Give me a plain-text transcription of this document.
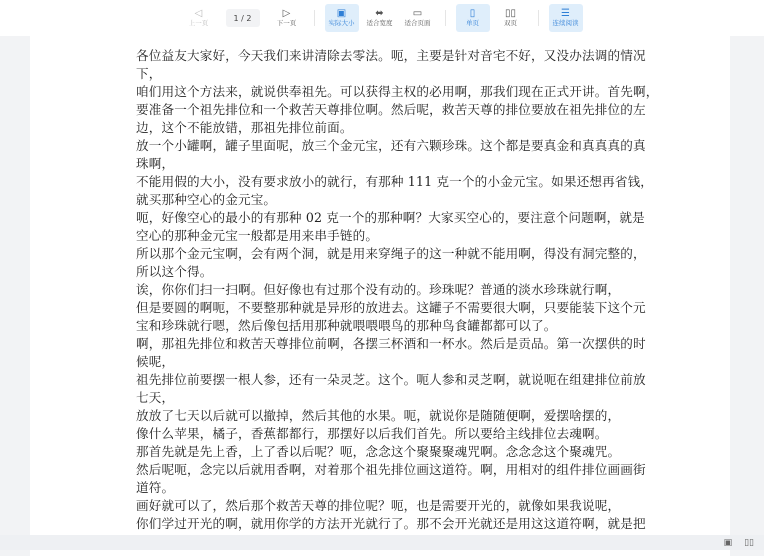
◁
上一页
1 / 2	▷
下一页
▣
实际大小
⬌
适合宽度
▭
适合页面
▯
单页
▯▯
双页
☰
连续阅读
各位益友大家好，今天我们来讲清除去零法。呃，主要是针对音宅不好，又没办法调的情况
下，
咱们用这个方法来，就说供奉祖先。可以获得主权的必用啊，那我们现在正式开讲。首先啊，
要准备一个祖先排位和一个救苦天尊排位啊。然后呢，救苦天尊的排位要放在祖先排位的左
边，这个不能放错，那祖先排位前面。
放一个小罐啊，罐子里面呢，放三个金元宝，还有六颗珍珠。这个都是要真金和真真真的真
珠啊，
不能用假的大小，没有要求放小的就行，有那种 111 克一个的小金元宝。如果还想再省钱，
就买那种空心的金元宝。
呃，好像空心的最小的有那种 02 克一个的那种啊？大家买空心的，要注意个问题啊，就是
空心的那种金元宝一般都是用来串手链的。
所以那个金元宝啊，会有两个洞，就是用来穿绳子的这一种就不能用啊，得没有洞完整的，
所以这个得。
诶，你你们扫一扫啊。但好像也有过那个没有动的。珍珠呢？普通的淡水珍珠就行啊，
但是要圆的啊呃，不要整那种就是异形的放进去。这罐子不需要很大啊，只要能装下这个元
宝和珍珠就行嗯，然后像包括用那种就喂喂喂鸟的那种鸟食罐都都可以了。
啊，那祖先排位和救苦天尊排位前啊，各摆三杯酒和一杯水。然后是贡品。第一次摆供的时
候呢，
祖先排位前要摆一根人参，还有一朵灵芝。这个。呃人参和灵芝啊，就说呃在组建排位前放
七天，
放放了七天以后就可以撤掉，然后其他的水果。呃，就说你是随随便啊，爱摆啥摆的，
像什么苹果，橘子，香蕉都都行，那摆好以后我们首先。所以要给主线排位去魂啊。
那首先就是先上香，上了香以后呢？呃，念念这个聚聚聚魂咒啊。念念念这个聚魂咒。
然后呢呃，念完以后就用香啊，对着那个祖先排位画这道符。啊，用相对的组件排位画画街
道符。
画好就可以了，然后那个救苦天尊的排位呢？呃，也是需要开光的，就像如果我说呢，
你们学过开光的啊，就用你学的方法开光就行了。那不会开光就还是用这这道符啊，就是把
▣ ▯▯
